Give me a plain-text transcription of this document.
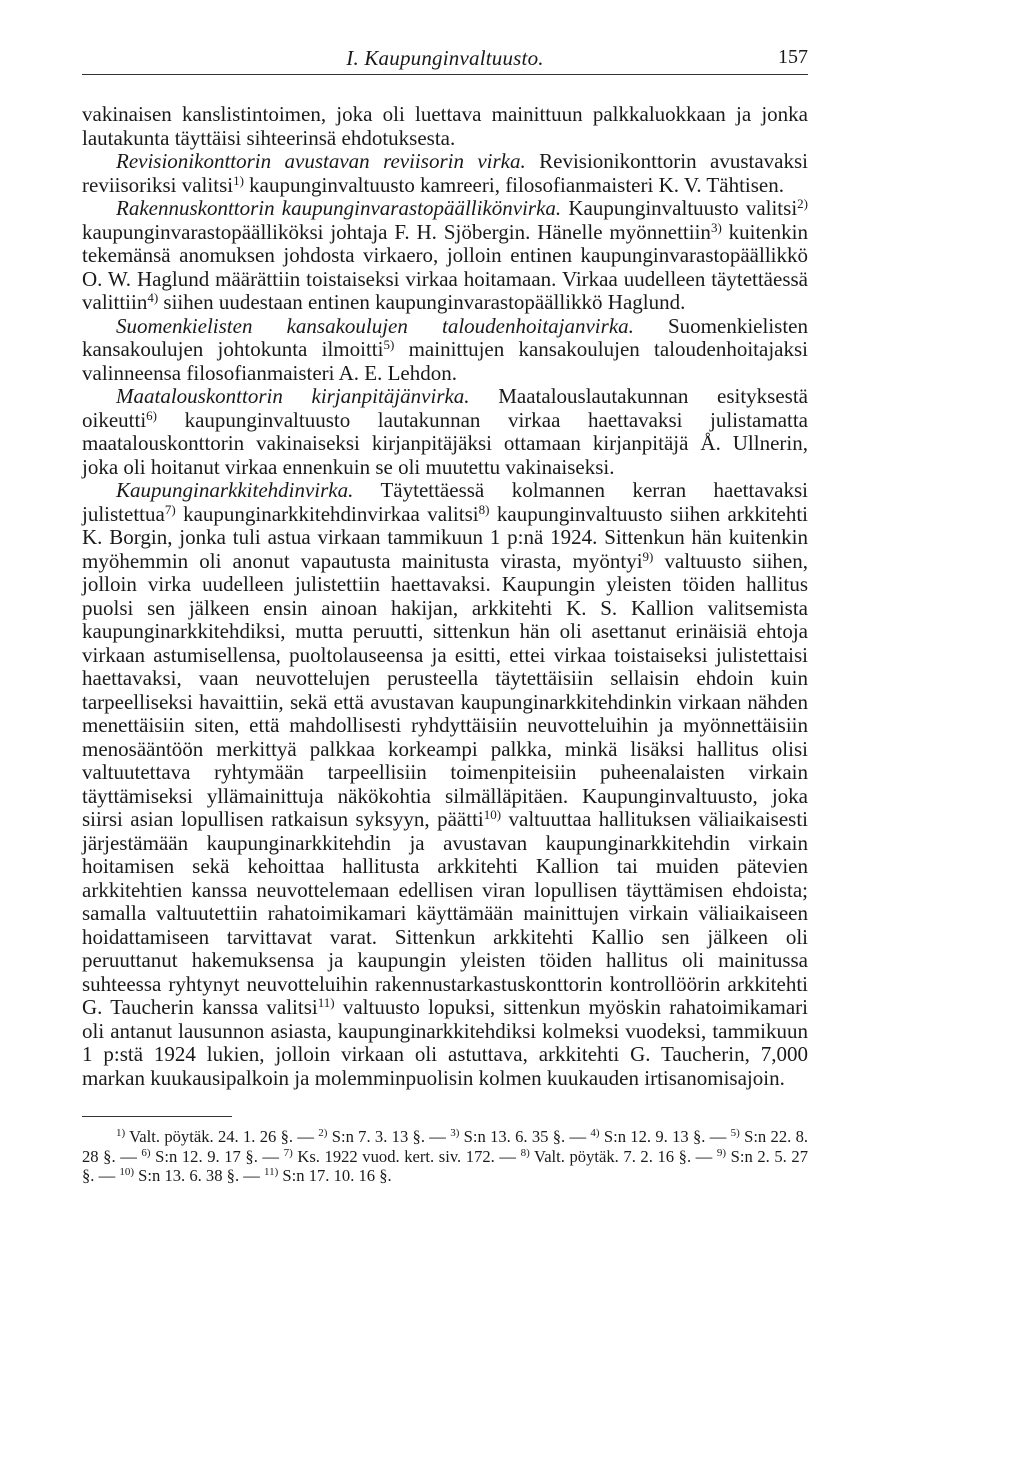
I. Kaupunginvaltuusto.	157

vakinaisen kanslistintoimen, joka oli luettava mainittuun palkkaluokkaan ja jonka lautakunta täyttäisi sihteerinsä ehdotuksesta.

Revisionikonttorin avustavan reviisorin virka. Revisionikonttorin avustavaksi reviisoriksi valitsi$^{1)}$ kaupunginvaltuusto kamreeri, filosofianmaisteri K. V. Tähtisen.

Rakennuskonttorin kaupunginvarastopäällikönvirka. Kaupunginvaltuusto valitsi$^{2)}$ kaupunginvarastopäälliköksi johtaja F. H. Sjöbergin. Hänelle myönnettiin$^{3)}$ kuitenkin tekemänsä anomuksen johdosta virkaero, jolloin entinen kaupunginvarastopäällikkö O. W. Haglund määrättiin toistaiseksi virkaa hoitamaan. Virkaa uudelleen täytettäessä valittiin$^{4)}$ siihen uudestaan entinen kaupunginvarastopäällikkö Haglund.

Suomenkielisten kansakoulujen taloudenhoitajanvirka. Suomenkielisten kansakoulujen johtokunta ilmoitti$^{5)}$ mainittujen kansakoulujen taloudenhoitajaksi valinneensa filosofianmaisteri A. E. Lehdon.

Maatalouskonttorin kirjanpitäjänvirka. Maatalouslautakunnan esityksestä oikeutti$^{6)}$ kaupunginvaltuusto lautakunnan virkaa haettavaksi julistamatta maatalouskonttorin vakinaiseksi kirjanpitäjäksi ottamaan kirjanpitäjä Å. Ullnerin, joka oli hoitanut virkaa ennenkuin se oli muutettu vakinaiseksi.

Kaupunginarkkitehdinvirka. Täytettäessä kolmannen kerran haettavaksi julistettua$^{7)}$ kaupunginarkkitehdinvirkaa valitsi$^{8)}$ kaupunginvaltuusto siihen arkkitehti K. Borgin, jonka tuli astua virkaan tammikuun 1 p:nä 1924. Sittenkun hän kuitenkin myöhemmin oli anonut vapautusta mainitusta virasta, myöntyi$^{9)}$ valtuusto siihen, jolloin virka uudelleen julistettiin haettavaksi. Kaupungin yleisten töiden hallitus puolsi sen jälkeen ensin ainoan hakijan, arkkitehti K. S. Kallion valitsemista kaupunginarkkitehdiksi, mutta peruutti, sittenkun hän oli asettanut erinäisiä ehtoja virkaan astumisellensa, puoltolauseensa ja esitti, ettei virkaa toistaiseksi julistettaisi haettavaksi, vaan neuvottelujen perusteella täytettäisiin sellaisin ehdoin kuin tarpeelliseksi havaittiin, sekä että avustavan kaupunginarkkitehdinkin virkaan nähden menettäisiin siten, että mahdollisesti ryhdyttäisiin neuvotteluihin ja myönnettäisiin menosääntöön merkittyä palkkaa korkeampi palkka, minkä lisäksi hallitus olisi valtuutettava ryhtymään tarpeellisiin toimenpiteisiin puheenalaisten virkain täyttämiseksi yllämainittuja näkökohtia silmälläpitäen. Kaupunginvaltuusto, joka siirsi asian lopullisen ratkaisun syksyyn, päätti$^{10)}$ valtuuttaa hallituksen väliaikaisesti järjestämään kaupunginarkkitehdin ja avustavan kaupunginarkkitehdin virkain hoitamisen sekä kehoittaa hallitusta arkkitehti Kallion tai muiden pätevien arkkitehtien kanssa neuvottelemaan edellisen viran lopullisen täyttämisen ehdoista; samalla valtuutettiin rahatoimikamari käyttämään mainittujen virkain väliaikaiseen hoidattamiseen tarvittavat varat. Sittenkun arkkitehti Kallio sen jälkeen oli peruuttanut hakemuksensa ja kaupungin yleisten töiden hallitus oli mainitussa suhteessa ryhtynyt neuvotteluihin rakennustarkastuskonttorin kontrollöörin arkkitehti G. Taucherin kanssa valitsi$^{11)}$ valtuusto lopuksi, sittenkun myöskin rahatoimikamari oli antanut lausunnon asiasta, kaupunginarkkitehdiksi kolmeksi vuodeksi, tammikuun 1 p:stä 1924 lukien, jolloin virkaan oli astuttava, arkkitehti G. Taucherin, 7,000 markan kuukausipalkoin ja molemminpuolisin kolmen kuukauden irtisanomisajoin.

$^{1)}$ Valt. pöytäk. 24. 1. 26 §. — $^{2)}$ S:n 7. 3. 13 §. — $^{3)}$ S:n 13. 6. 35 §. — $^{4)}$ S:n 12. 9. 13 §. — $^{5)}$ S:n 22. 8. 28 §. — $^{6)}$ S:n 12. 9. 17 §. — $^{7)}$ Ks. 1922 vuod. kert. siv. 172. — $^{8)}$ Valt. pöytäk. 7. 2. 16 §. — $^{9)}$ S:n 2. 5. 27 §. — $^{10)}$ S:n 13. 6. 38 §. — $^{11)}$ S:n 17. 10. 16 §.
